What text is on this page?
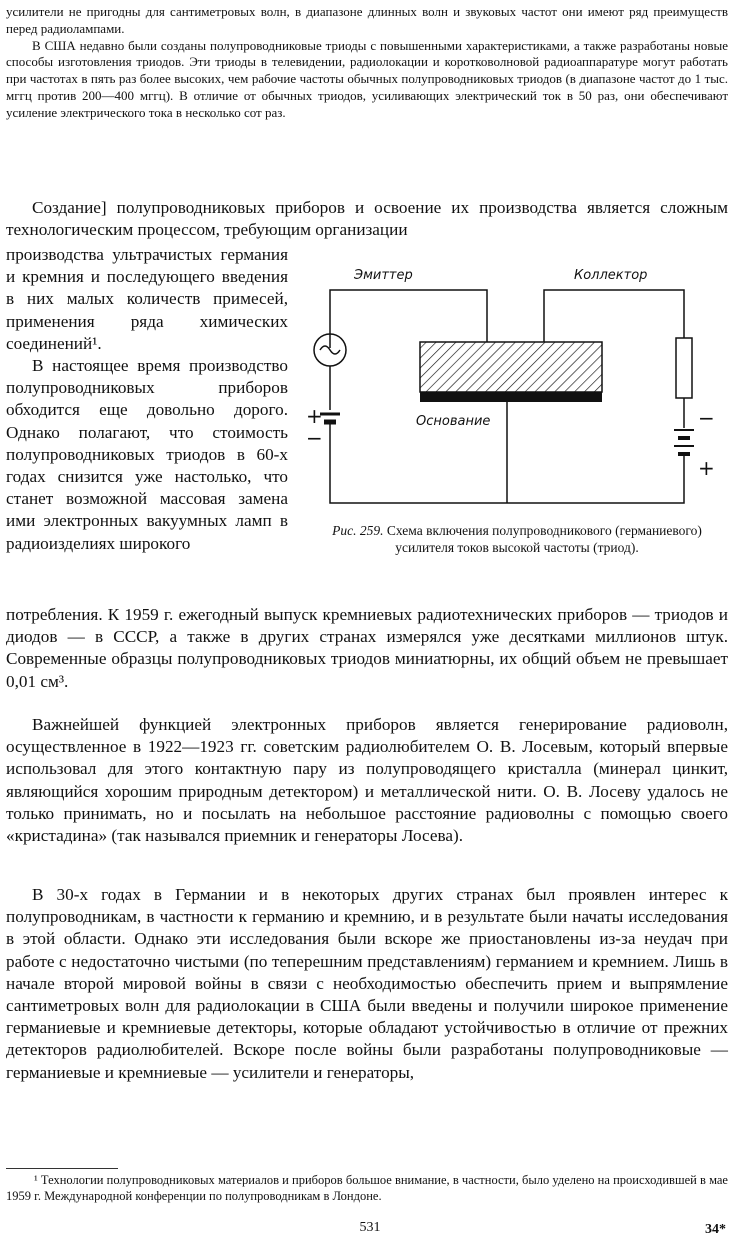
усилители не пригодны для сантиметровых волн, в диапазоне длинных волн и звуковых частот они имеют ряд преимуществ перед радиолампами.

В США недавно были созданы полупроводниковые триоды с повышенными характеристиками, а также разработаны новые способы изготовления триодов. Эти триоды в телевидении, радиолокации и коротковолновой радиоаппаратуре могут работать при частотах в пять раз более высоких, чем рабочие частоты обычных полупроводниковых триодов (в диапазоне частот до 1 тыс. мггц против 200—400 мггц). В отличие от обычных триодов, усиливающих электрический ток в 50 раз, они обеспечивают усиление электрического тока в несколько сот раз.

Создание] полупроводниковых приборов и освоение их производства является сложным технологическим процессом, требующим организации

производства ультрачистых германия и кремния и последующего введения в них малых количеств примесей, применения ряда химических соединений¹.

В настоящее время производство полупроводниковых приборов обходится еще довольно дорого. Однако полагают, что стоимость полупроводниковых триодов в 60-х годах снизится уже настолько, что станет возможной массовая замена ими электронных вакуумных ламп в радиоизделиях широкого

Эмиттер	Коллектор
Основание
+
−
−
+
Рис. 259. Схема включения полупроводникового (германиевого) усилителя токов высокой частоты (триод).

потребления. К 1959 г. ежегодный выпуск кремниевых радиотехнических приборов — триодов и диодов — в СССР, а также в других странах измерялся уже десятками миллионов штук. Современные образцы полупроводниковых триодов миниатюрны, их общий объем не превышает 0,01 см³.

Важнейшей функцией электронных приборов является генерирование радиоволн, осуществленное в 1922—1923 гг. советским радиолюбителем О. В. Лосевым, который впервые использовал для этого контактную пару из полупроводящего кристалла (минерал цинкит, являющийся хорошим природным детектором) и металлической нити. О. В. Лосеву удалось не только принимать, но и посылать на небольшое расстояние радиоволны с помощью своего «кристадина» (так назывался приемник и генераторы Лосева).

В 30-х годах в Германии и в некоторых других странах был проявлен интерес к полупроводникам, в частности к германию и кремнию, и в результате были начаты исследования в этой области. Однако эти исследования были вскоре же приостановлены из-за неудач при работе с недостаточно чистыми (по теперешним представлениям) германием и кремнием. Лишь в начале второй мировой войны в связи с необходимостью обеспечить прием и выпрямление сантиметровых волн для радиолокации в США были введены и получили широкое применение германиевые и кремниевые детекторы, которые обладают устойчивостью в отличие от прежних детекторов радиолюбителей. Вскоре после войны были разработаны полупроводниковые — германиевые и кремниевые — усилители и генераторы,

¹ Технологии полупроводниковых материалов и приборов большое внимание, в частности, было уделено на происходившей в мае 1959 г. Международной конференции по полупроводникам в Лондоне.

531	34*
